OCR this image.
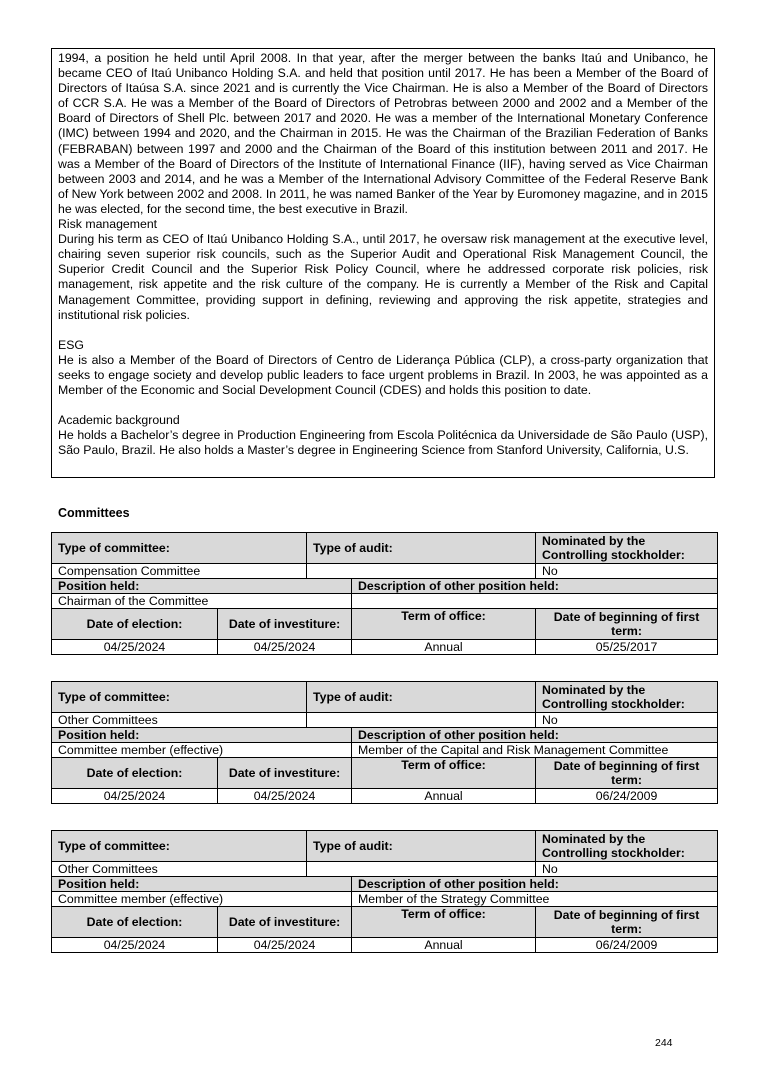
1994, a position he held until April 2008. In that year, after the merger between the banks Itaú and Unibanco, he became CEO of Itaú Unibanco Holding S.A. and held that position until 2017. He has been a Member of the Board of Directors of Itaúsa S.A. since 2021 and is currently the Vice Chairman. He is also a Member of the Board of Directors of CCR S.A. He was a Member of the Board of Directors of Petrobras between 2000 and 2002 and a Member of the Board of Directors of Shell Plc. between 2017 and 2020. He was a member of the International Monetary Conference (IMC) between 1994 and 2020, and the Chairman in 2015. He was the Chairman of the Brazilian Federation of Banks (FEBRABAN) between 1997 and 2000 and the Chairman of the Board of this institution between 2011 and 2017. He was a Member of the Board of Directors of the Institute of International Finance (IIF), having served as Vice Chairman between 2003 and 2014, and he was a Member of the International Advisory Committee of the Federal Reserve Bank of New York between 2002 and 2008. In 2011, he was named Banker of the Year by Euromoney magazine, and in 2015 he was elected, for the second time, the best executive in Brazil.

Risk management

During his term as CEO of Itaú Unibanco Holding S.A., until 2017, he oversaw risk management at the executive level, chairing seven superior risk councils, such as the Superior Audit and Operational Risk Management Council, the Superior Credit Council and the Superior Risk Policy Council, where he addressed corporate risk policies, risk management, risk appetite and the risk culture of the company. He is currently a Member of the Risk and Capital Management Committee, providing support in defining, reviewing and approving the risk appetite, strategies and institutional risk policies.

ESG

He is also a Member of the Board of Directors of Centro de Liderança Pública (CLP), a cross-party organization that seeks to engage society and develop public leaders to face urgent problems in Brazil. In 2003, he was appointed as a Member of the Economic and Social Development Council (CDES) and holds this position to date.

Academic background

He holds a Bachelor’s degree in Production Engineering from Escola Politécnica da Universidade de São Paulo (USP), São Paulo, Brazil. He also holds a Master’s degree in Engineering Science from Stanford University, California, U.S.

Committees
Type of committee:		Type of audit:		Nominated by the Controlling stockholder:
Compensation Committee				No
Position held:			Description of other position held:	
Chairman of the Committee				
Date of election:	Date of investiture:		Term of office:	Date of beginning of first term:
04/25/2024	04/25/2024		Annual	05/25/2017
Type of committee:		Type of audit:		Nominated by the Controlling stockholder:
Other Committees				No
Position held:			Description of other position held:	
Committee member (effective)			Member of the Capital and Risk Management Committee	
Date of election:	Date of investiture:		Term of office:	Date of beginning of first term:
04/25/2024	04/25/2024		Annual	06/24/2009
Type of committee:		Type of audit:		Nominated by the Controlling stockholder:
Other Committees				No
Position held:			Description of other position held:	
Committee member (effective)			Member of the Strategy Committee	
Date of election:	Date of investiture:		Term of office:	Date of beginning of first term:
04/25/2024	04/25/2024		Annual	06/24/2009
244
